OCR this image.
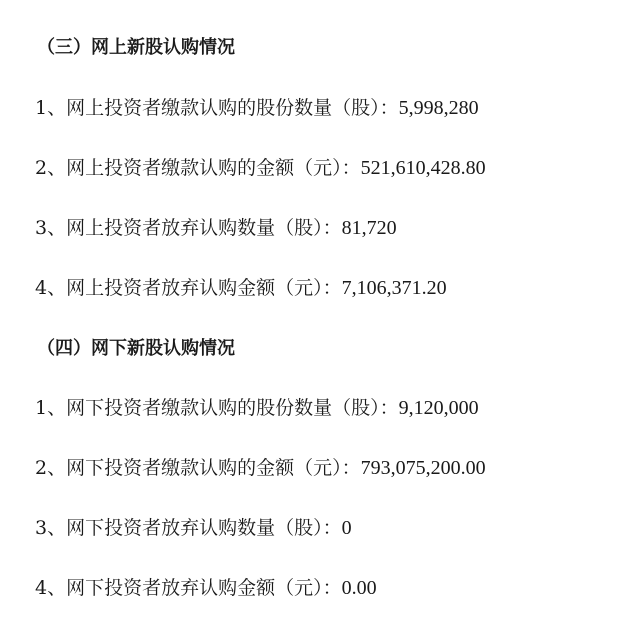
（三）网上新股认购情况
1、网上投资者缴款认购的股份数量（股）：5,998,280
2、网上投资者缴款认购的金额（元）：521,610,428.80
3、网上投资者放弃认购数量（股）：81,720
4、网上投资者放弃认购金额（元）：7,106,371.20
（四）网下新股认购情况
1、网下投资者缴款认购的股份数量（股）：9,120,000
2、网下投资者缴款认购的金额（元）：793,075,200.00
3、网下投资者放弃认购数量（股）：0
4、网下投资者放弃认购金额（元）：0.00
